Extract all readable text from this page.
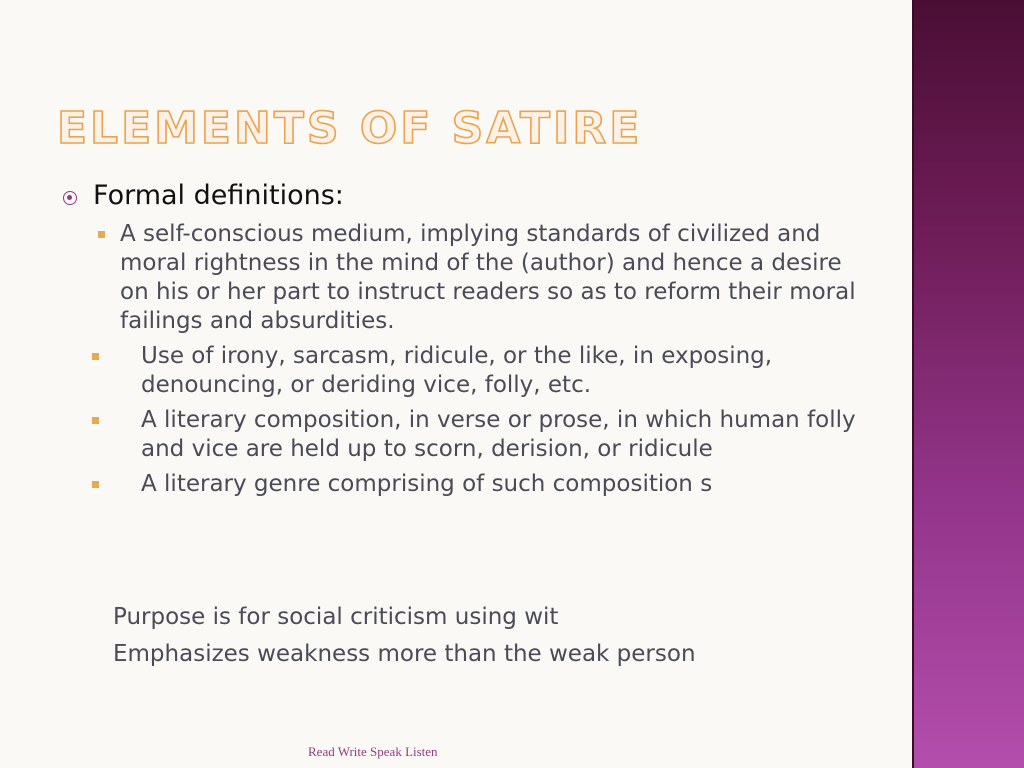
ELEMENTS OF SATIRE
Formal definitions:
A self-conscious medium, implying standards of civilized and moral rightness in the mind of the (author) and hence a desire on his or her part to instruct readers so as to reform their moral failings and absurdities.
Use of irony, sarcasm, ridicule, or the like, in exposing, denouncing, or deriding vice, folly, etc.
A literary composition, in verse or prose, in which human folly and vice are held up to scorn, derision, or ridicule
A literary genre comprising of such composition s
Purpose is for social criticism using wit
Emphasizes weakness more than the weak person
Read Write Speak Listen
